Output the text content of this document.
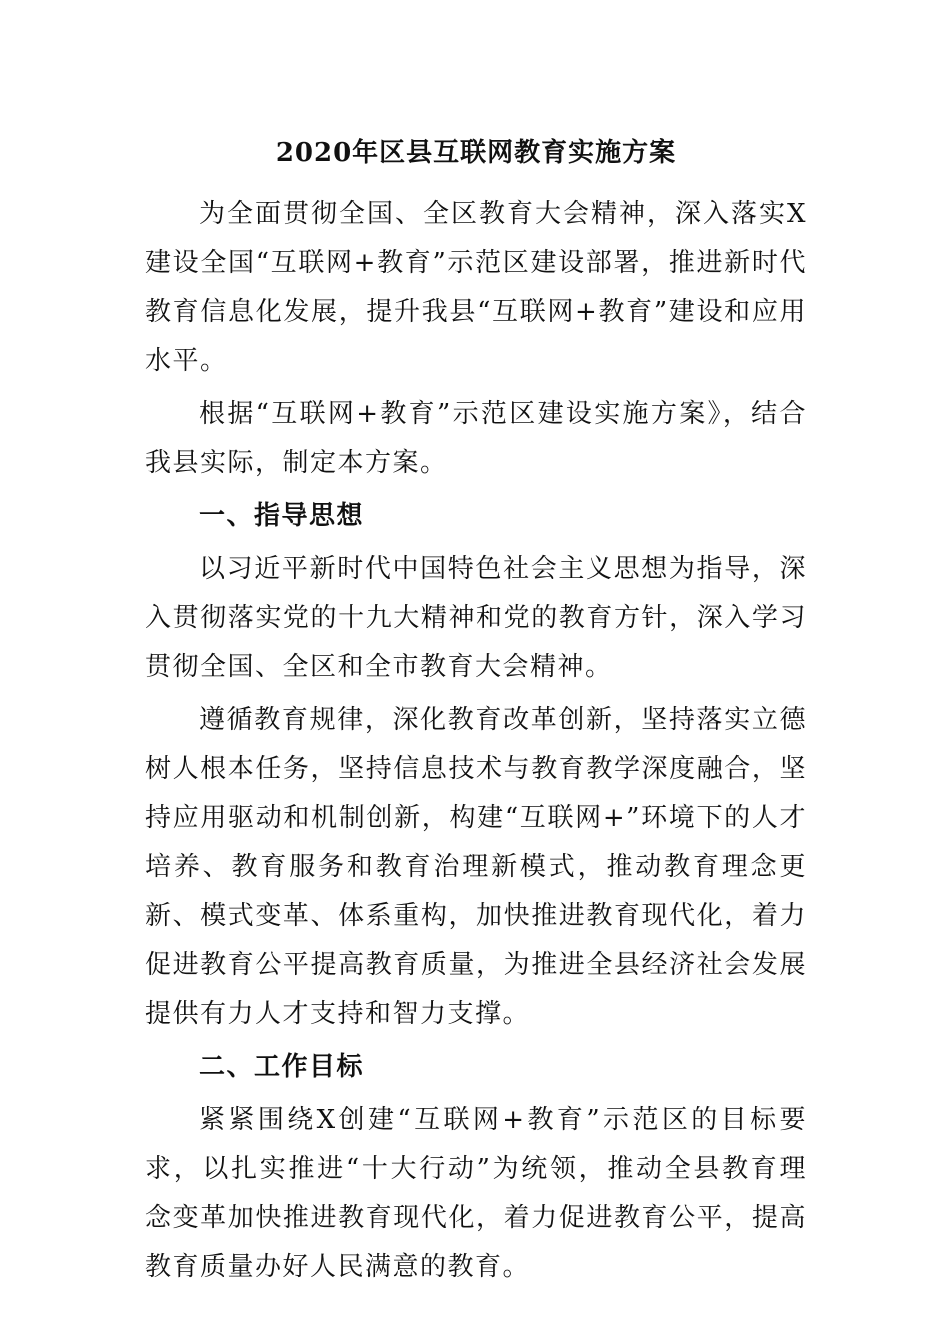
2020年区县互联网教育实施方案

为全面贯彻全国、全区教育大会精神，深入落实X建设全国“互联网+教育”示范区建设部署，推进新时代教育信息化发展，提升我县“互联网+教育”建设和应用水平。

根据“互联网+教育”示范区建设实施方案》，结合我县实际，制定本方案。

一、指导思想

以习近平新时代中国特色社会主义思想为指导，深入贯彻落实党的十九大精神和党的教育方针，深入学习贯彻全国、全区和全市教育大会精神。

遵循教育规律，深化教育改革创新，坚持落实立德树人根本任务，坚持信息技术与教育教学深度融合，坚持应用驱动和机制创新，构建“互联网+”环境下的人才培养、教育服务和教育治理新模式，推动教育理念更新、模式变革、体系重构，加快推进教育现代化，着力促进教育公平提高教育质量，为推进全县经济社会发展提供有力人才支持和智力支撑。

二、工作目标

紧紧围绕X创建“互联网+教育”示范区的目标要求，以扎实推进“十大行动”为统领，推动全县教育理念变革加快推进教育现代化，着力促进教育公平，提高教育质量办好人民满意的教育。
